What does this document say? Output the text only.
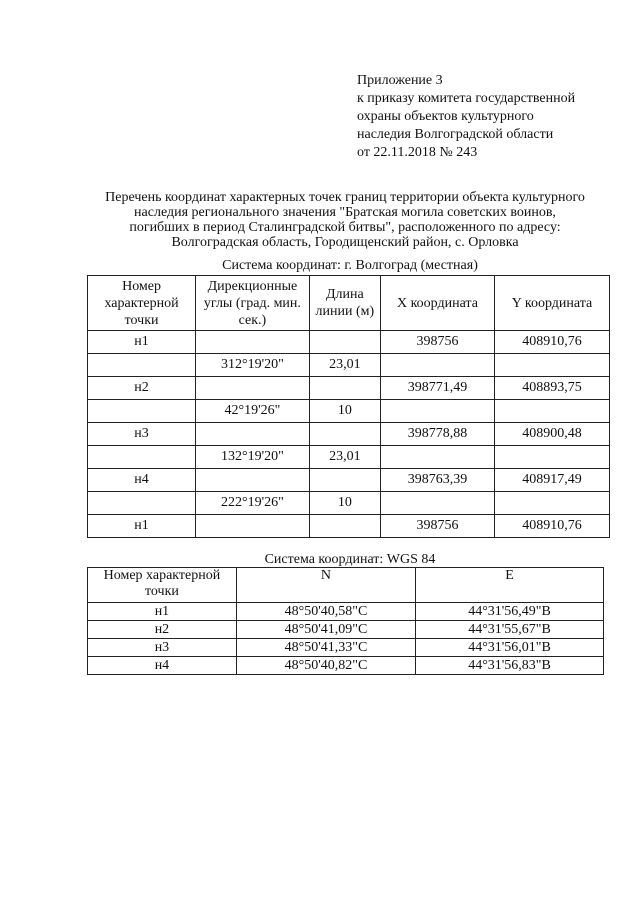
Приложение 3
к приказу комитета государственной
охраны объектов культурного
наследия Волгоградской области
от 22.11.2018 № 243
Перечень координат характерных точек границ территории объекта культурного
наследия регионального значения "Братская могила советских воинов,
погибших в период Сталинградской битвы", расположенного по адресу:
Волгоградская область, Городищенский район, с. Орловка
Система координат: г. Волгоград (местная)
Номер характерной точки	Дирекционные углы (град. мин. сек.)	Длина линии (м)	X координата	Y координата
н1			398756	408910,76
	312°19'20"	23,01		
н2			398771,49	408893,75
	42°19'26"	10		
н3			398778,88	408900,48
	132°19'20"	23,01		
н4			398763,39	408917,49
	222°19'26"	10		
н1			398756	408910,76
Система координат: WGS 84
Номер характерной точки	N	E
н1	48°50'40,58"С	44°31'56,49"В
н2	48°50'41,09"С	44°31'55,67"В
н3	48°50'41,33"С	44°31'56,01"В
н4	48°50'40,82"С	44°31'56,83"В
